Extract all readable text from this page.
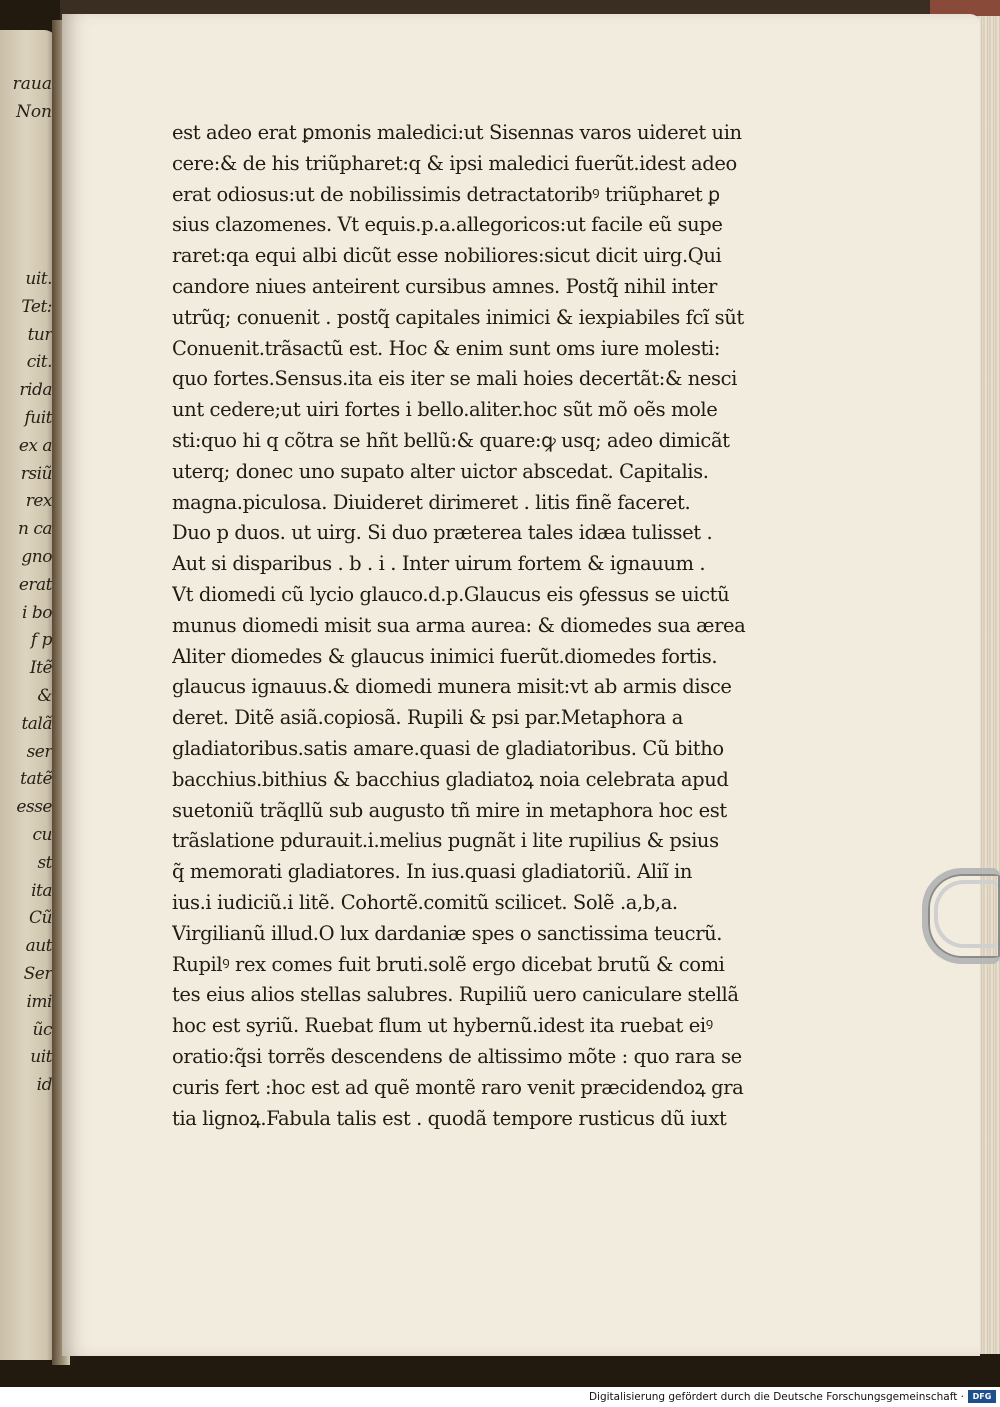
raua
Non
uit.
Tet:
tur
cit.
rida
fuit
ex a
rsiũ
rex
n ca
gno
erat
i bo
f p
Itẽ
&
talã
ser
tatẽ
esse
cu
st
ita
Cũ
aut
Ser
imi
ũc
uit
id
est adeo erat ꝑmonis maledici:ut Sisennas varos uideret uin
cere:& de his triũpharet:q & ipsi maledici fuerũt.idest adeo
erat odiosus:ut de nobilissimis detractatoribꝰ triũpharet ꝑ
sius clazomenes. Vt equis.p.a.allegoricos:ut facile eũ supe
raret:qa equi albi dicũt esse nobiliores:sicut dicit uirg.Qui
candore niues anteirent cursibus amnes. Postq̃ nihil inter
utrũq; conuenit . postq̃ capitales inimici & iexpiabiles fcĩ sũt
Conuenit.trãsactũ est. Hoc & enim sunt oms iure molesti:
quo fortes.Sensus.ita eis iter se mali hoies decertãt:& nesci
unt cedere;ut uiri fortes i bello.aliter.hoc sũt mõ oẽs mole
sti:quo hi q cõtra se hñt bellũ:& quare:ꝙ usq; adeo dimicãt
uterq; donec uno supato alter uictor abscedat. Capitalis.
magna.piculosa. Diuideret dirimeret . litis finẽ faceret.
Duo p duos. ut uirg. Si duo præterea tales idæa tulisset .
Aut si disparibus . b . i . Inter uirum fortem & ignauum .
Vt diomedi cũ lycio glauco.d.p.Glaucus eis ꝯfessus se uictũ
munus diomedi misit sua arma aurea: & diomedes sua ærea
Aliter diomedes & glaucus inimici fuerũt.diomedes fortis.
glaucus ignauus.& diomedi munera misit:vt ab armis disce
deret. Ditẽ asiã.copiosã. Rupili & psi par.Metaphora a
gladiatoribus.satis amare.quasi de gladiatoribus. Cũ bitho
bacchius.bithius & bacchius gladiatoꝝ noia celebrata apud
suetoniũ trãqllũ sub augusto tñ mire in metaphora hoc est
trãslatione pdurauit.i.melius pugnãt i lite rupilius & psius
q̃ memorati gladiatores. In ius.quasi gladiatoriũ. Aliĩ in
ius.i iudiciũ.i litẽ. Cohortẽ.comitũ scilicet. Solẽ .a,b,a.
Virgilianũ illud.O lux dardaniæ spes o sanctissima teucrũ.
Rupilꝰ rex comes fuit bruti.solẽ ergo dicebat brutũ & comi
tes eius alios stellas salubres. Rupiliũ uero caniculare stellã
hoc est syriũ. Ruebat flum ut hybernũ.idest ita ruebat eiꝰ
oratio:q̃si torrẽs descendens de altissimo mõte : quo rara se
curis fert :hoc est ad quẽ montẽ raro venit præcidendoꝝ gra
tia lignoꝝ.Fabula talis est . quodã tempore rusticus dũ iuxt
Digitalisierung gefördert durch die Deutsche Forschungsgemeinschaft ·	DFG
